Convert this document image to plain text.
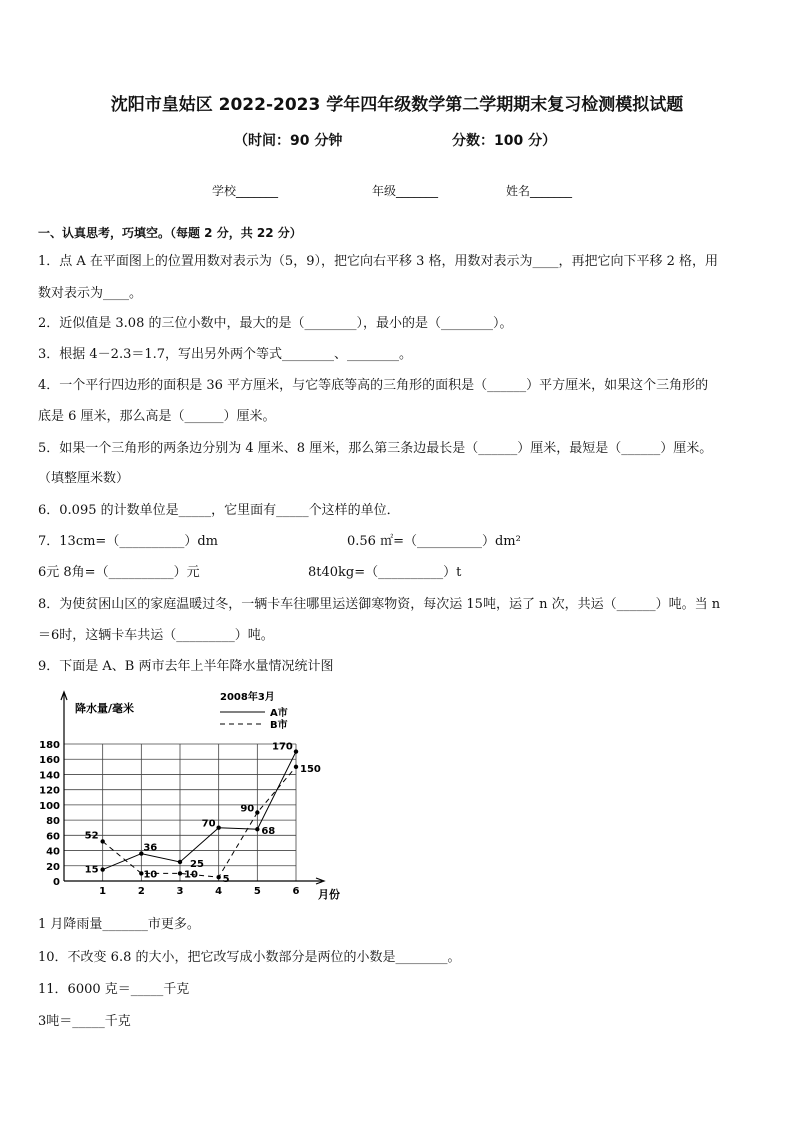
沈阳市皇姑区 2022-2023 学年四年级数学第二学期期末复习检测模拟试题
（时间：90 分钟	分数：100 分）
学校_______	年级_______	姓名_______
一、认真思考，巧填空。（每题 2 分，共 22 分）
1．点 A 在平面图上的位置用数对表示为（5，9），把它向右平移 3 格，用数对表示为____，再把它向下平移 2 格，用
数对表示为____。
2．近似值是 3.08 的三位小数中，最大的是（________），最小的是（________）。
3．根据 4－2.3＝1.7，写出另外两个等式________、________。
4．一个平行四边形的面积是 36 平方厘米，与它等底等高的三角形的面积是（______）平方厘米，如果这个三角形的
底是 6 厘米，那么高是（______）厘米。
5．如果一个三角形的两条边分别为 4 厘米、8 厘米，那么第三条边最长是（______）厘米，最短是（______）厘米。
（填整厘米数）
6．0.095 的计数单位是_____，它里面有_____个这样的单位．
7．13cm=（__________）dm	0.56 ㎡=（__________）dm²
6元 8角=（__________）元	8t40kg=（__________）t
8．为使贫困山区的家庭温暖过冬，一辆卡车往哪里运送御寒物资，每次运 15吨，运了 n 次，共运（______）吨。当 n
＝6时，这辆卡车共运（_________）吨。
9．下面是 A、B 两市去年上半年降水量情况统计图
降水量/毫米
2008年3月
月份
A市
B市
0
20
40
60
80
100
120
140
160
180
1	2	3	4	5	6
15
36
25
70
68
170
52
10	10 5
90
150
1 月降雨量_______市更多。
10．不改变 6.8 的大小，把它改写成小数部分是两位的小数是________。
11．6000 克＝_____千克
3吨＝_____千克
